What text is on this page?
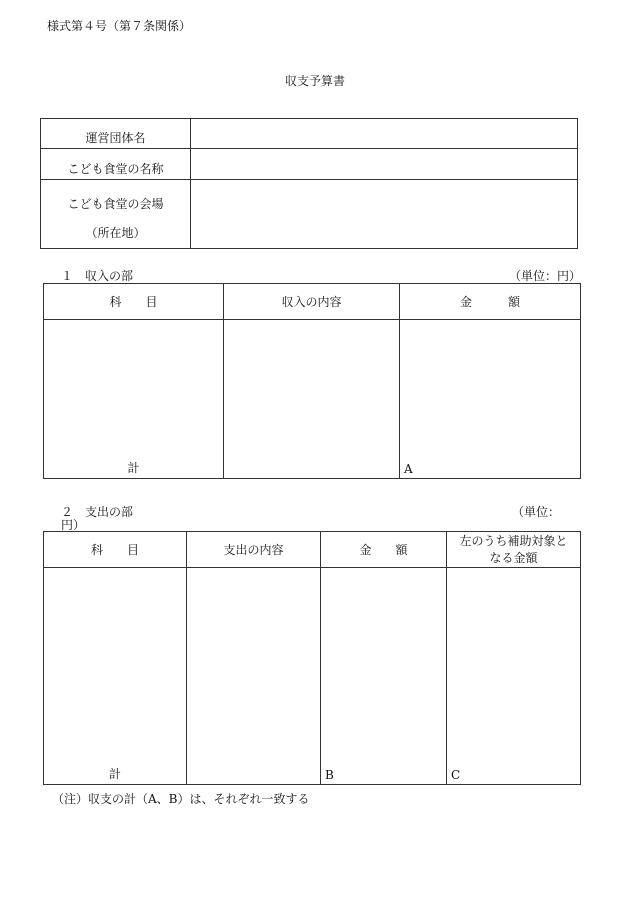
様式第４号（第７条関係）
収支予算書
運営団体名	
こども食堂の名称	

こども食堂の会場
（所在地）	

１　収入の部	（単位：円）
科　　目	収入の内容	金　　　額
計		A
２　支出の部	（単位：
円）
科　　目	支出の内容	金　　額	左のうち補助対象と
なる金額

計		B	C
（注）収支の計（A、B）は、それぞれ一致する
